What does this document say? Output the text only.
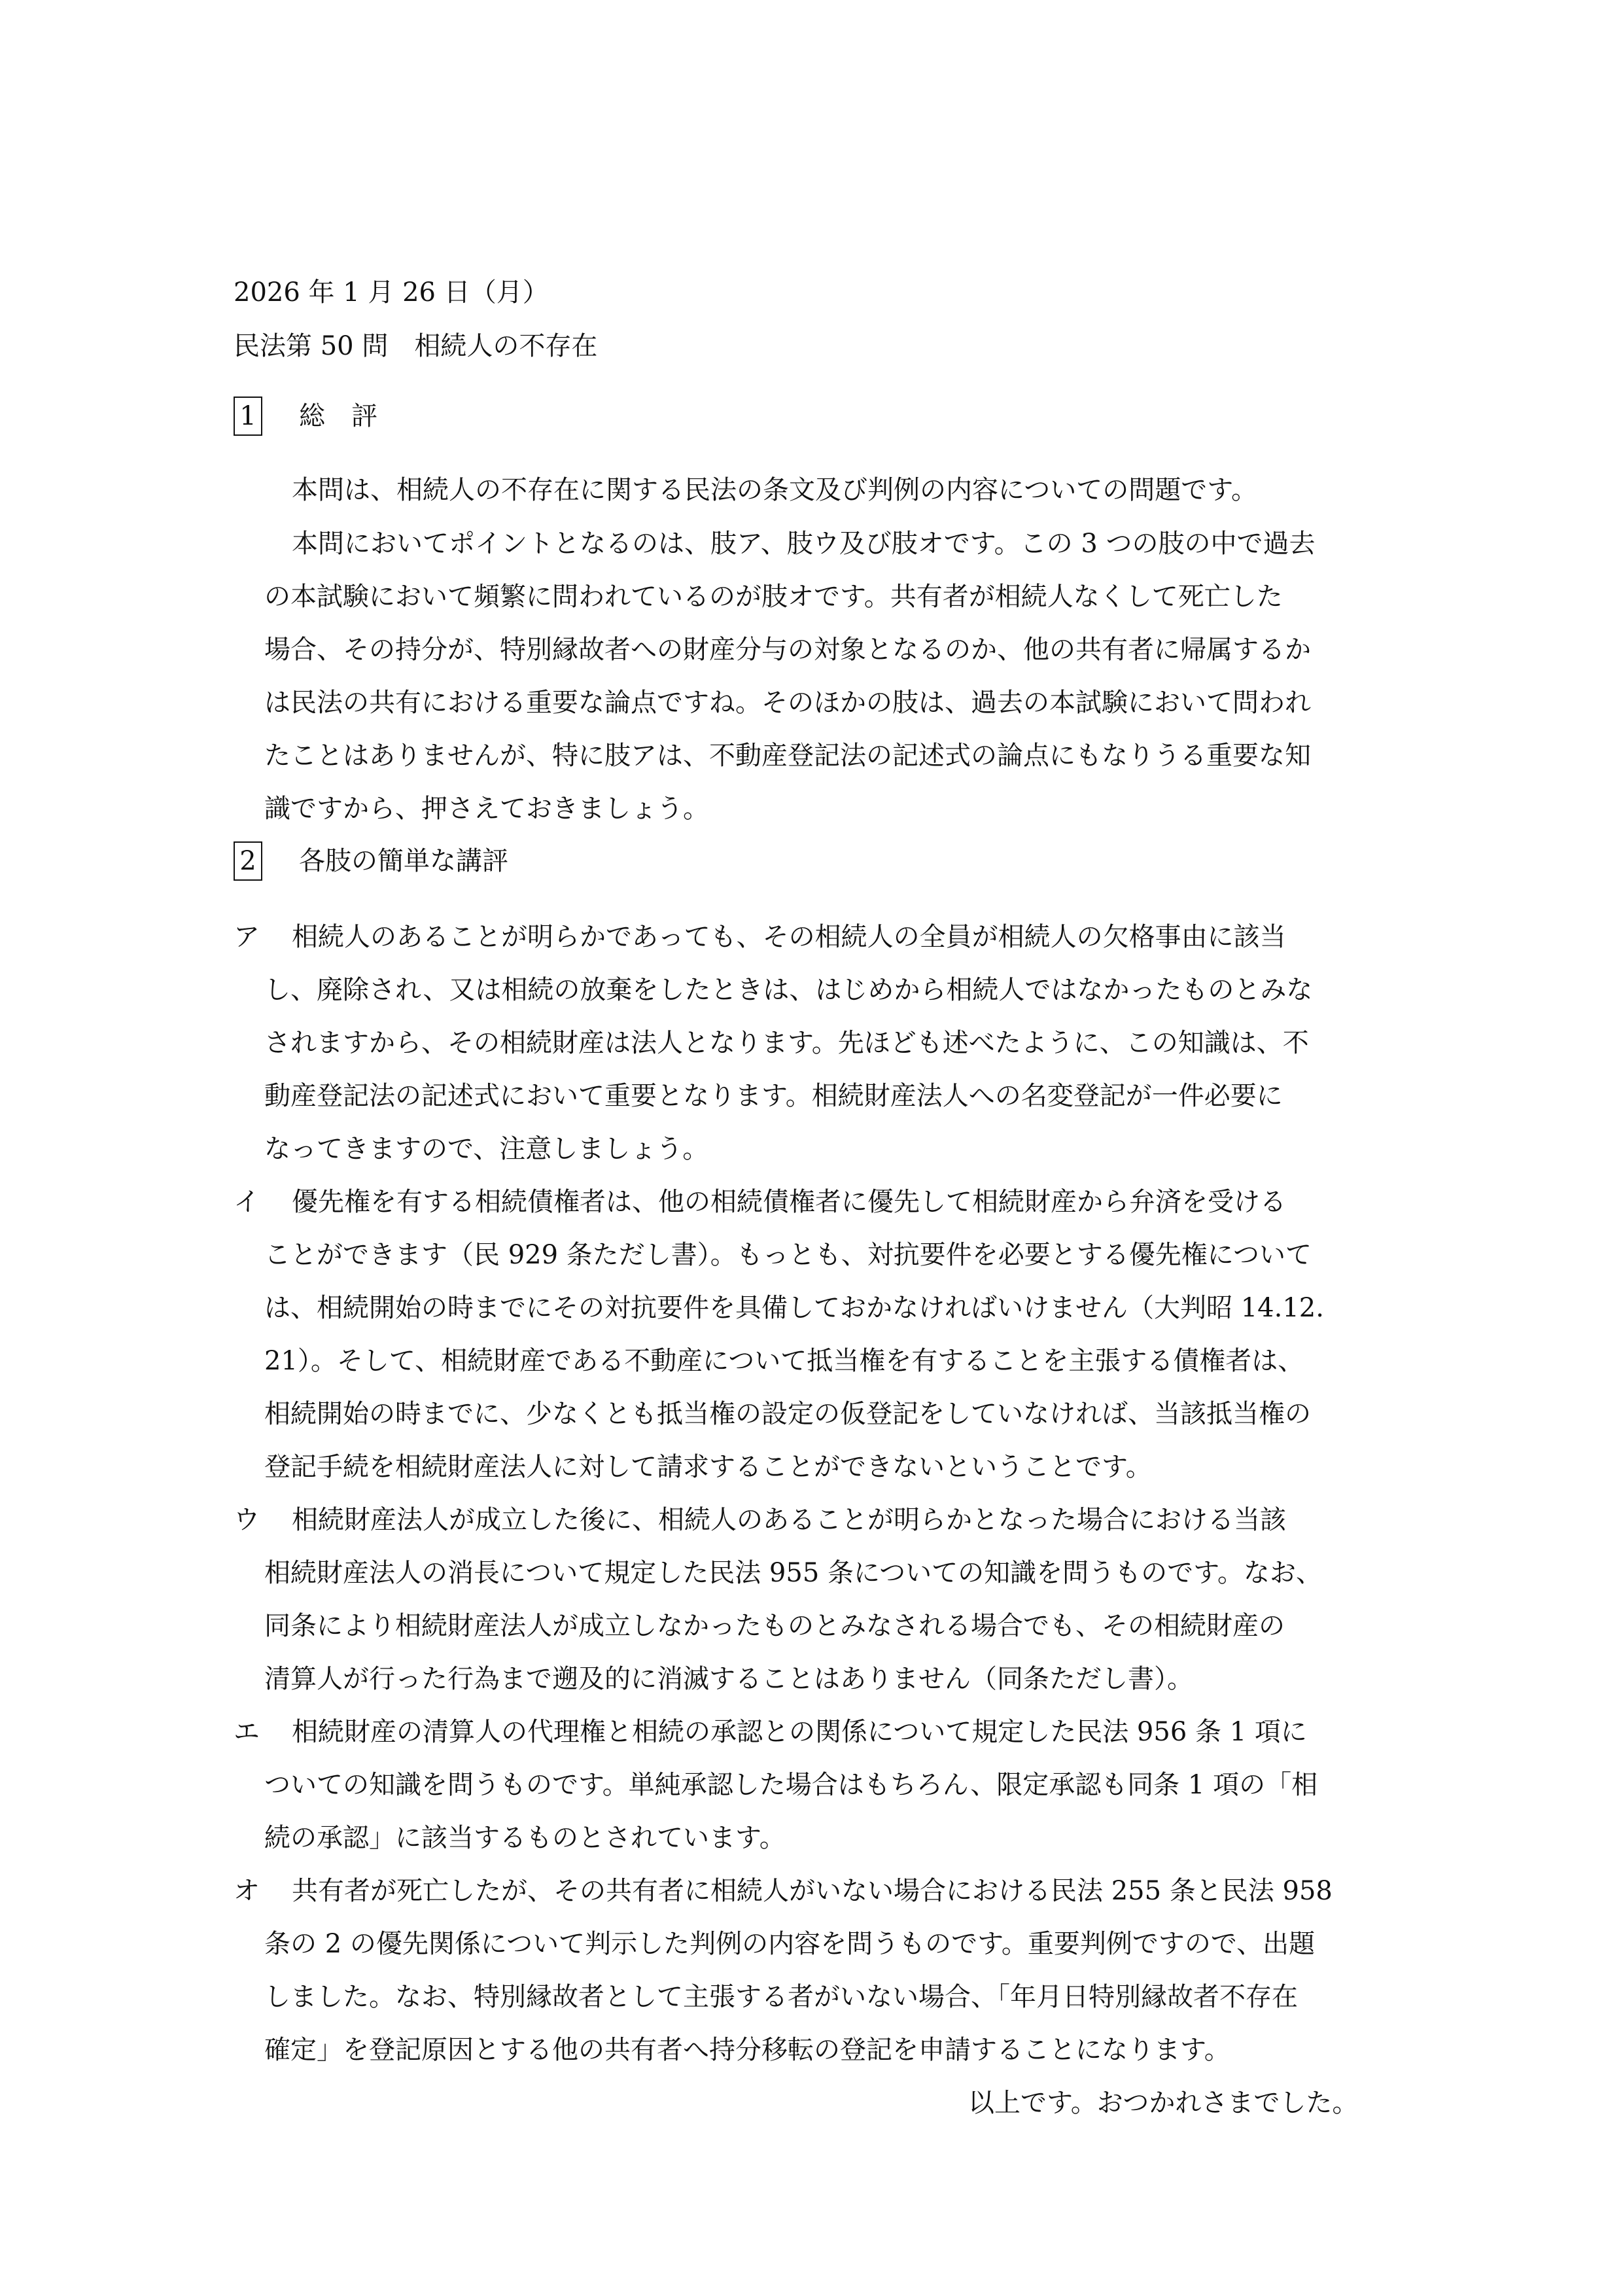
2026 年 1 月 26 日（月）
民法第 50 問　相続人の不存在
1 総　評
本問は、相続人の不存在に関する民法の条文及び判例の内容についての問題です。
本問においてポイントとなるのは、肢ア、肢ウ及び肢オです。この 3 つの肢の中で過去
の本試験において頻繁に問われているのが肢オです。共有者が相続人なくして死亡した
場合、その持分が、特別縁故者への財産分与の対象となるのか、他の共有者に帰属するか
は民法の共有における重要な論点ですね。そのほかの肢は、過去の本試験において問われ
たことはありませんが、特に肢アは、不動産登記法の記述式の論点にもなりうる重要な知
識ですから、押さえておきましょう。
2 各肢の簡単な講評
ア 相続人のあることが明らかであっても、その相続人の全員が相続人の欠格事由に該当
し、廃除され、又は相続の放棄をしたときは、はじめから相続人ではなかったものとみな
されますから、その相続財産は法人となります。先ほども述べたように、この知識は、不
動産登記法の記述式において重要となります。相続財産法人への名変登記が一件必要に
なってきますので、注意しましょう。
イ 優先権を有する相続債権者は、他の相続債権者に優先して相続財産から弁済を受ける
ことができます（民 929 条ただし書）。もっとも、対抗要件を必要とする優先権について
は、相続開始の時までにその対抗要件を具備しておかなければいけません（大判昭 14.12.
21）。そして、相続財産である不動産について抵当権を有することを主張する債権者は、
相続開始の時までに、少なくとも抵当権の設定の仮登記をしていなければ、当該抵当権の
登記手続を相続財産法人に対して請求することができないということです。
ウ 相続財産法人が成立した後に、相続人のあることが明らかとなった場合における当該
相続財産法人の消長について規定した民法 955 条についての知識を問うものです。なお、
同条により相続財産法人が成立しなかったものとみなされる場合でも、その相続財産の
清算人が行った行為まで遡及的に消滅することはありません（同条ただし書）。
エ 相続財産の清算人の代理権と相続の承認との関係について規定した民法 956 条 1 項に
ついての知識を問うものです。単純承認した場合はもちろん、限定承認も同条 1 項の「相
続の承認」に該当するものとされています。
オ 共有者が死亡したが、その共有者に相続人がいない場合における民法 255 条と民法 958
条の 2 の優先関係について判示した判例の内容を問うものです。重要判例ですので、出題
しました。なお、特別縁故者として主張する者がいない場合、「年月日特別縁故者不存在
確定」を登記原因とする他の共有者へ持分移転の登記を申請することになります。
以上です。おつかれさまでした。
